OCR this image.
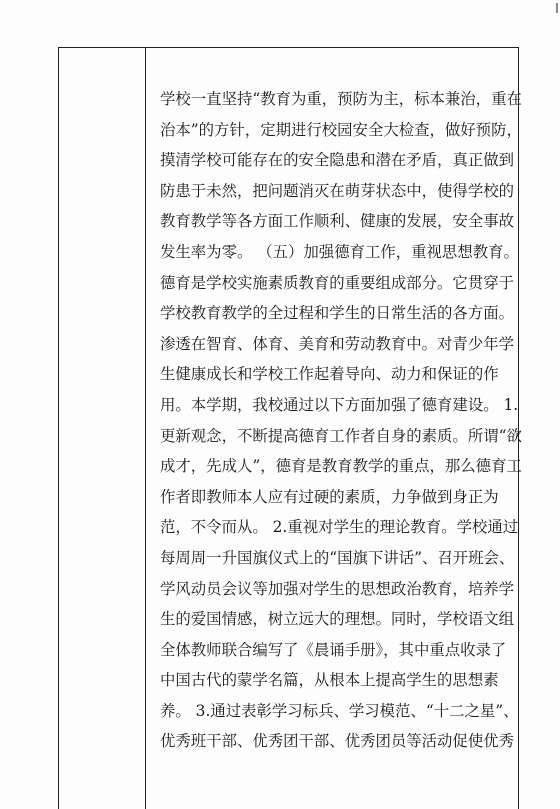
学校一直坚持“教育为重，预防为主，标本兼治，重在
治本”的方针，定期进行校园安全大检查，做好预防，
摸清学校可能存在的安全隐患和潜在矛盾，真正做到
防患于未然，把问题消灭在萌芽状态中，使得学校的
教育教学等各方面工作顺利、健康的发展，安全事故
发生率为零。 （五）加强德育工作，重视思想教育。
德育是学校实施素质教育的重要组成部分。它贯穿于
学校教育教学的全过程和学生的日常生活的各方面。
渗透在智育、体育、美育和劳动教育中。对青少年学
生健康成长和学校工作起着导向、动力和保证的作
用。本学期，我校通过以下方面加强了德育建设。 1.
更新观念，不断提高德育工作者自身的素质。所谓“欲
成才，先成人”，德育是教育教学的重点，那么德育工
作者即教师本人应有过硬的素质，力争做到身正为
范，不令而从。 2.重视对学生的理论教育。学校通过
每周周一升国旗仪式上的“国旗下讲话”、召开班会、
学风动员会议等加强对学生的思想政治教育，培养学
生的爱国情感，树立远大的理想。同时，学校语文组
全体教师联合编写了《晨诵手册》，其中重点收录了
中国古代的蒙学名篇，从根本上提高学生的思想素
养。 3.通过表彰学习标兵、学习模范、“十二之星”、
优秀班干部、优秀团干部、优秀团员等活动促使优秀
